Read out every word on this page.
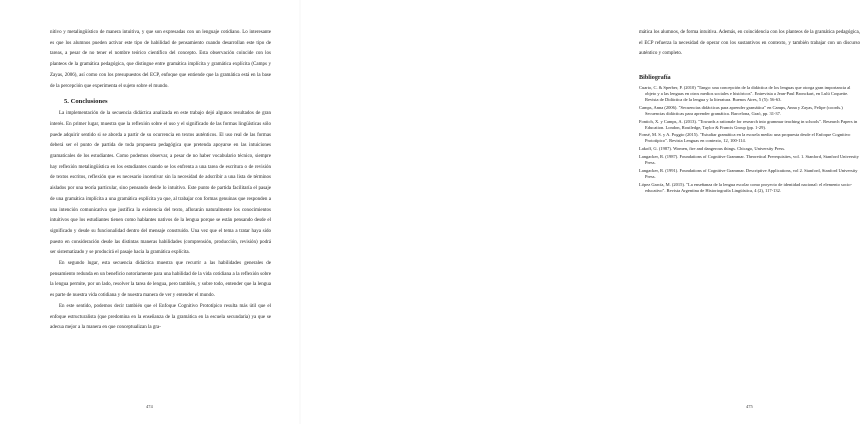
nitivo y metalingüístico de manera intuitiva, y que son expresadas con un lenguaje cotidiano. Lo interesante es que los alumnos pueden activar este tipo de habilidad de pensamiento cuando desarrollan este tipo de tareas, a pesar de no tener el nombre teórico científico del concepto. Esta observación coincide con los planteos de la gramática pedagógica, que distingue entre gramática implícita y gramática explícita (Camps y Zayas, 2006), así como con los presupuestos del ECP, enfoque que entiende que la gramática está en la base de la percepción que experimenta el sujeto sobre el mundo.

5. Conclusiones

La implementación de la secuencia didáctica analizada en este trabajo dejó algunos resultados de gran interés. En primer lugar, muestra que la reflexión sobre el uso y el significado de las formas lingüísticas sólo puede adquirir sentido si se aborda a partir de su ocurrencia en textos auténticos. El uso real de las formas deberá ser el punto de partida de toda propuesta pedagógica que pretenda apoyarse en las intuiciones gramaticales de los estudiantes. Como podemos observar, a pesar de no haber vocabulario técnico, siempre hay reflexión metalingüística en los estudiantes cuando se los enfrenta a una tarea de escritura o de revisión de textos escritos, reflexión que es necesario incentivar sin la necesidad de adscribir a una lista de términos aislados por una teoría particular, sino pensando desde lo intuitivo. Este punto de partida facilitaría el pasaje de una gramática implícita a una gramática explícita ya que, al trabajar con formas genuinas que responden a una intención comunicativa que justifica la existencia del texto, aflorarán naturalmente los conocimientos intuitivos que los estudiantes tienen como hablantes nativos de la lengua porque se están pensando desde el significado y desde su funcionalidad dentro del mensaje construido. Una vez que el tema a tratar haya sido puesto en consideración desde las distintas maneras habilidades (comprensión, producción, revisión) podrá ser sistematizado y se producirá el pasaje hacia la gramática explícita.

En segundo lugar, esta secuencia didáctica muestra que recurrir a las habilidades generales de pensamiento redunda en un beneficio notoriamente para una habilidad de la vida cotidiana a la reflexión sobre la lengua permite, por un lado, resolver la tarea de lengua, pero también, y sobre todo, entender que la lengua es parte de nuestra vida cotidiana y de nuestra manera de ver y entender el mundo.

En este sentido, podemos decir también que el Enfoque Cognitivo Prototípico resulta más útil que el enfoque estructuralista (que predomina en la enseñanza de la gramática en la escuela secundaria) ya que se adecua mejor a la manera en que conceptualizan la gra-

474

mática los alumnos, de forma intuitiva. Además, en coincidencia con los planteos de la gramática pedagógica, el ECP refuerza la necesidad de operar con los sustantivos en contexto, y también trabajar con un discurso auténtico y completo.

Bibliografía
Cuarto, C. & Sperber, P. (2010) "Tango: una concepción de la didáctica de los lenguas que otorga gran importancia al objeto y a las lenguas en otros medios sociales e históricos". Entrevista a Jean-Paul Bronckart, en Lulú Coquette. Revista de Didáctica de la lengua y la literatura. Buenos Aires, 5 (5): 56-63.
Camps, Anna (2006). "Secuencias didácticas para aprender gramática" en Camps, Anna y Zayas, Felipe (coords.) Secuencias didácticas para aprender gramática. Barcelona, Graó, pp. 31-37.
Fontich, X. y Camps, A. (2013). "Towards a rationale for research into grammar teaching in schools". Research Papers in Education. London, Routledge, Taylor & Francis Group (pp. 1-29).
Fonsé, M. S. y A. Poggio (2015). "Estudiar gramática en la escuela media: una propuesta desde el Enfoque Cognitivo Prototípico". Revista Lenguas en contexto, 12, 100-114.
Lakoff, G. (1987). Women, fire and dangerous things. Chicago, University Press.
Langacker, R. (1987). Foundations of Cognitive Grammar. Theoretical Prerequisites, vol. 1. Stanford, Stanford University Press.
Langacker, R. (1991). Foundations of Cognitive Grammar. Descriptive Applications, vol 2. Stanford, Stanford University Press.
López García, M. (2015). "La enseñanza de la lengua escolar como proyecto de identidad nacional: el elemento socio-educativo". Revista Argentina de Historiografía Lingüística, 4 (2), 117-132.
475
